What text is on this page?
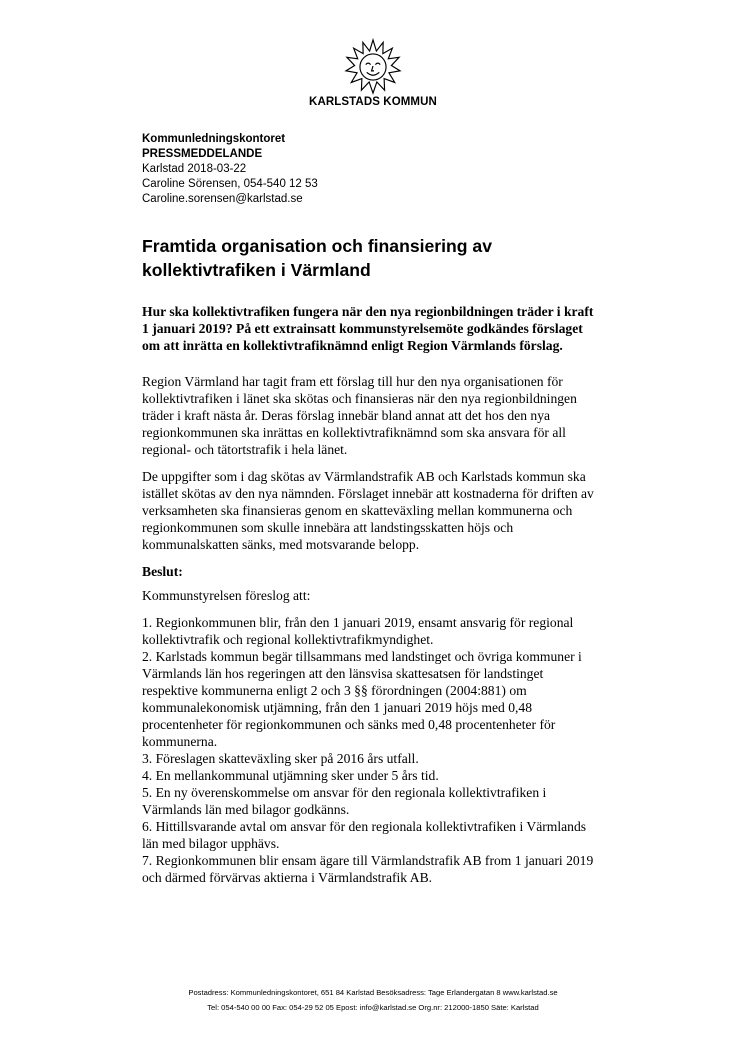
KARLSTADS KOMMUN
Kommunledningskontoret
PRESSMEDDELANDE
Karlstad 2018-03-22
Caroline Sörensen, 054-540 12 53
Caroline.sorensen@karlstad.se
Framtida organisation och finansiering av kollektivtrafiken i Värmland

Hur ska kollektivtrafiken fungera när den nya regionbildningen träder i kraft 1 januari 2019? På ett extrainsatt kommunstyrelsemöte godkändes förslaget om att inrätta en kollektivtrafiknämnd enligt Region Värmlands förslag.

Region Värmland har tagit fram ett förslag till hur den nya organisationen för kollektivtrafiken i länet ska skötas och finansieras när den nya regionbildningen träder i kraft nästa år. Deras förslag innebär bland annat att det hos den nya regionkommunen ska inrättas en kollektivtrafiknämnd som ska ansvara för all regional- och tätortstrafik i hela länet.

De uppgifter som i dag skötas av Värmlandstrafik AB och Karlstads kommun ska istället skötas av den nya nämnden. Förslaget innebär att kostnaderna för driften av verksamheten ska finansieras genom en skatteväxling mellan kommunerna och regionkommunen som skulle innebära att landstingsskatten höjs och kommunalskatten sänks, med motsvarande belopp.

Beslut:

Kommunstyrelsen föreslog att:

1. Regionkommunen blir, från den 1 januari 2019, ensamt ansvarig för regional kollektivtrafik och regional kollektivtrafikmyndighet.
2. Karlstads kommun begär tillsammans med landstinget och övriga kommuner i Värmlands län hos regeringen att den länsvisa skattesatsen för landstinget respektive kommunerna enligt 2 och 3 §§ förordningen (2004:881) om kommunalekonomisk utjämning, från den 1 januari 2019 höjs med 0,48 procentenheter för regionkommunen och sänks med 0,48 procentenheter för kommunerna.
3. Föreslagen skatteväxling sker på 2016 års utfall.
4. En mellankommunal utjämning sker under 5 års tid.
5. En ny överenskommelse om ansvar för den regionala kollektivtrafiken i Värmlands län med bilagor godkänns.
6. Hittillsvarande avtal om ansvar för den regionala kollektivtrafiken i Värmlands län med bilagor upphävs.
7. Regionkommunen blir ensam ägare till Värmlandstrafik AB from 1 januari 2019 och därmed förvärvas aktierna i Värmlandstrafik AB.
Postadress: Kommunledningskontoret, 651 84 Karlstad Besöksadress: Tage Erlandergatan 8 www.karlstad.se
Tel: 054-540 00 00 Fax: 054-29 52 05 Epost: info@karlstad.se Org.nr: 212000-1850 Säte: Karlstad
